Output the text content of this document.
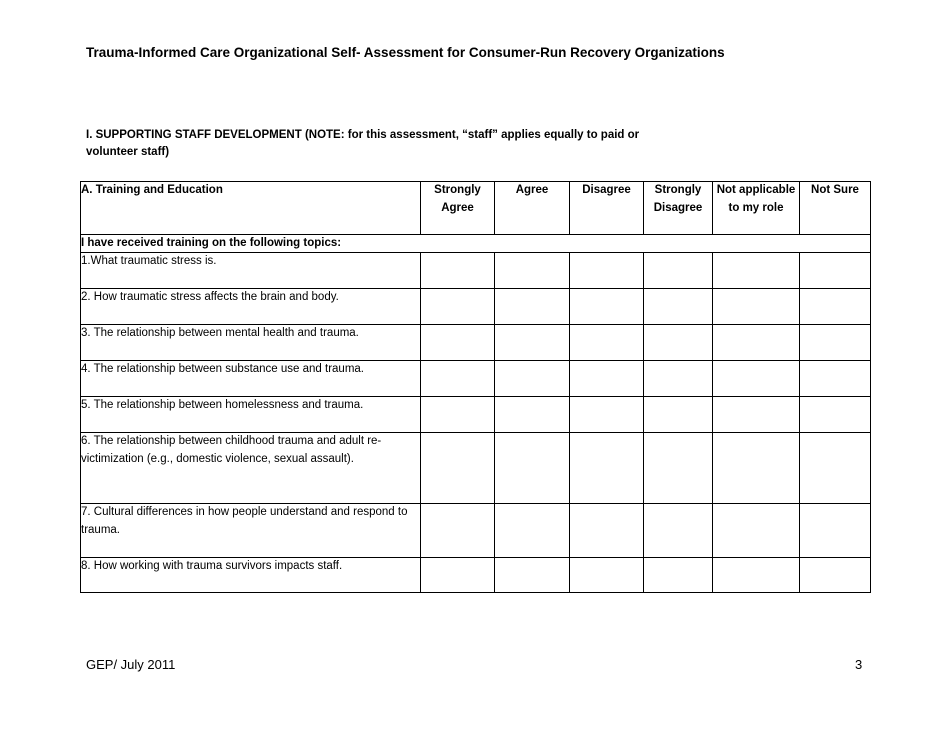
Trauma-Informed Care Organizational Self- Assessment for Consumer-Run Recovery Organizations
I. SUPPORTING STAFF DEVELOPMENT (NOTE: for this assessment, “staff” applies equally to paid or volunteer staff)
A. Training and Education	Strongly Agree	Agree	Disagree	Strongly Disagree	Not applicable to my role	Not Sure
I have received training on the following topics:						
1.What traumatic stress is.						
2. How traumatic stress affects the brain and body.						
3. The relationship between mental health and trauma.						
4. The relationship between substance use and trauma.						
5. The relationship between homelessness and trauma.						
6. The relationship between childhood trauma and adult re-victimization (e.g., domestic violence, sexual assault).						
7. Cultural differences in how people understand and respond to trauma.						
8. How working with trauma survivors impacts staff.						
GEP/ July 2011	3
